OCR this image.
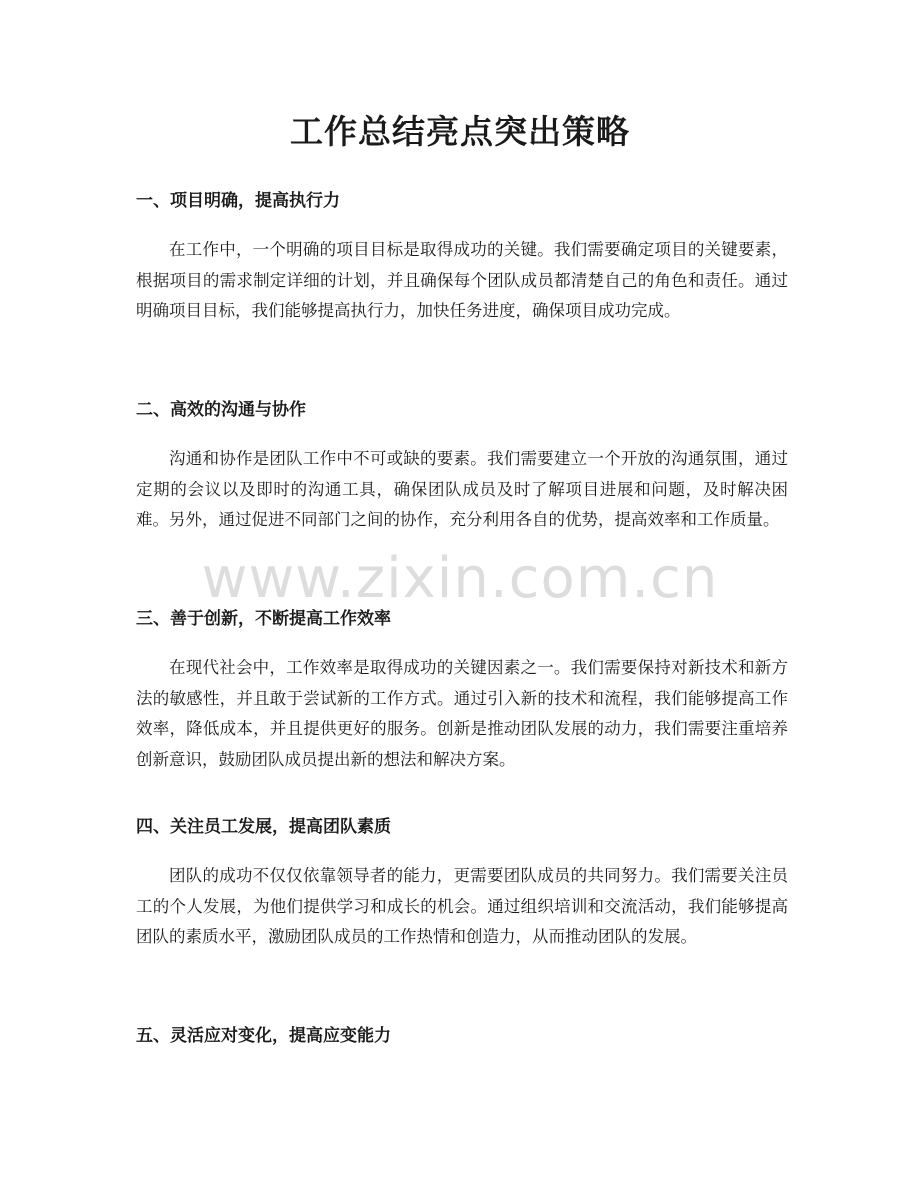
工作总结亮点突出策略
一、项目明确，提高执行力

在工作中，一个明确的项目目标是取得成功的关键。我们需要确定项目的关键要素，根据项目的需求制定详细的计划，并且确保每个团队成员都清楚自己的角色和责任。通过明确项目目标，我们能够提高执行力，加快任务进度，确保项目成功完成。

二、高效的沟通与协作

沟通和协作是团队工作中不可或缺的要素。我们需要建立一个开放的沟通氛围，通过定期的会议以及即时的沟通工具，确保团队成员及时了解项目进展和问题，及时解决困难。另外，通过促进不同部门之间的协作，充分利用各自的优势，提高效率和工作质量。

三、善于创新，不断提高工作效率

在现代社会中，工作效率是取得成功的关键因素之一。我们需要保持对新技术和新方法的敏感性，并且敢于尝试新的工作方式。通过引入新的技术和流程，我们能够提高工作效率，降低成本，并且提供更好的服务。创新是推动团队发展的动力，我们需要注重培养创新意识，鼓励团队成员提出新的想法和解决方案。

四、关注员工发展，提高团队素质

团队的成功不仅仅依靠领导者的能力，更需要团队成员的共同努力。我们需要关注员工的个人发展，为他们提供学习和成长的机会。通过组织培训和交流活动，我们能够提高团队的素质水平，激励团队成员的工作热情和创造力，从而推动团队的发展。

五、灵活应对变化，提高应变能力
www.zixin.com.cn
